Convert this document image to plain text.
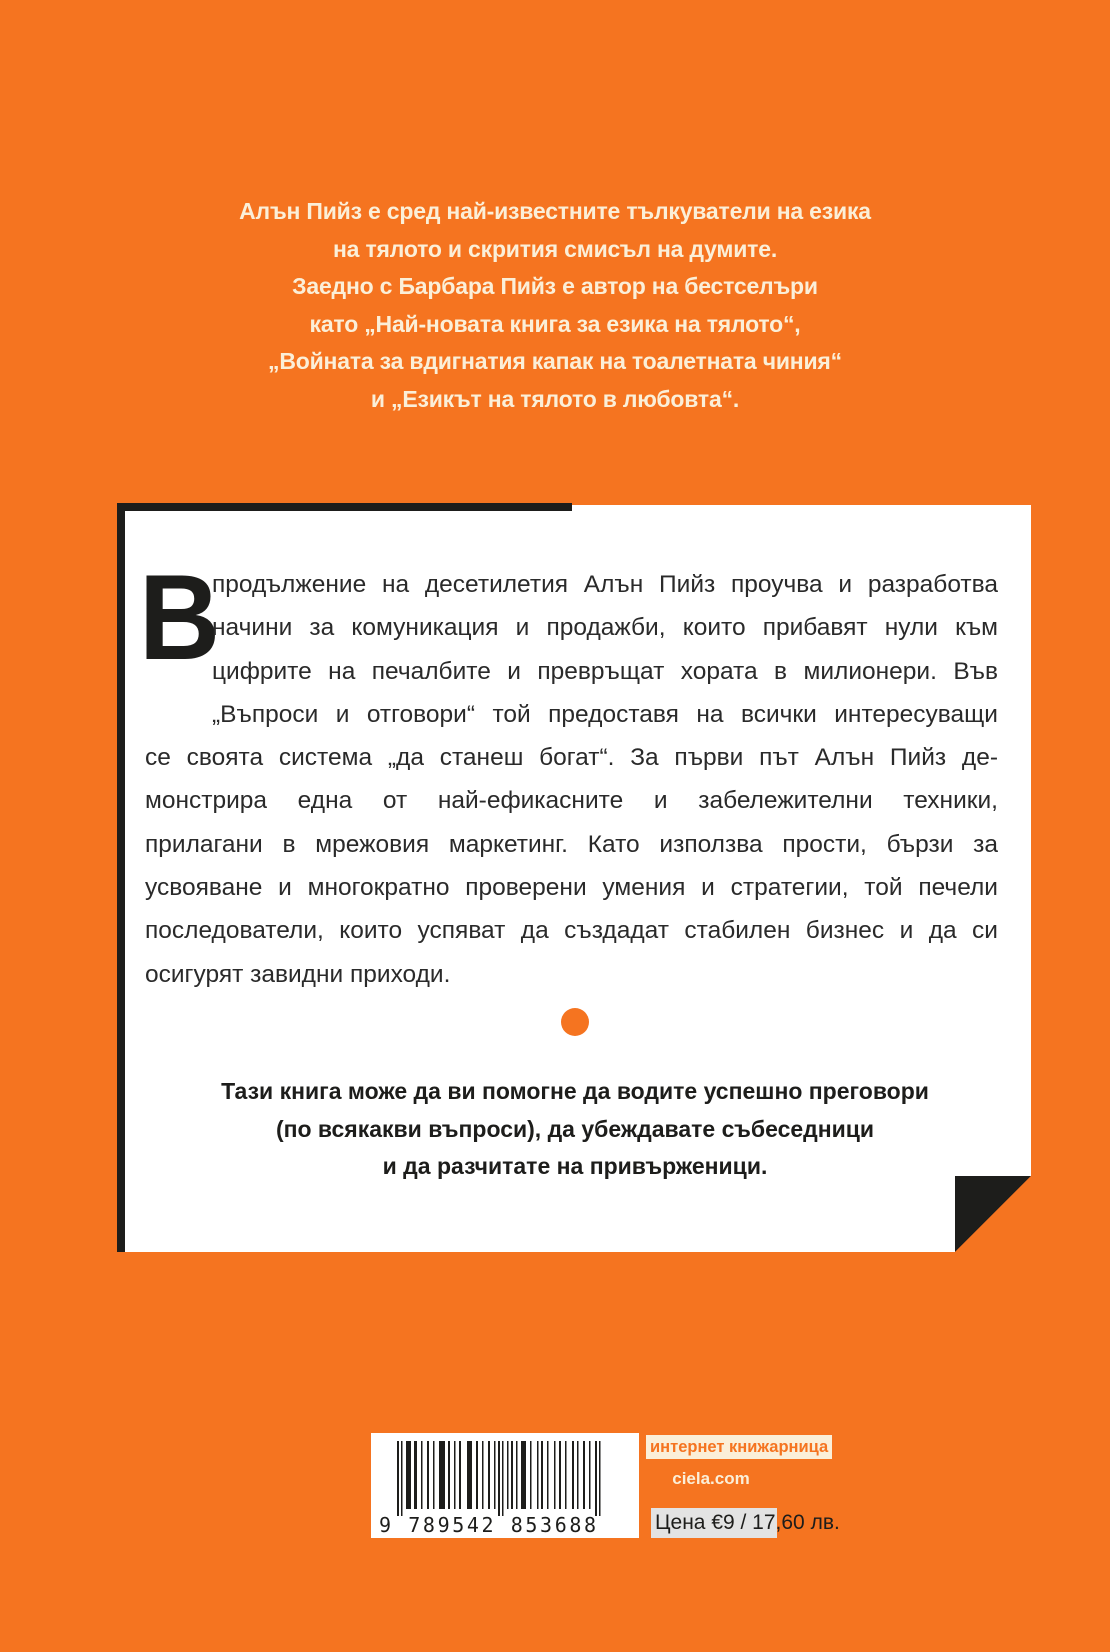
Алън Пийз е сред най-известните тълкуватели на езика
на тялото и скрития смисъл на думите.
Заедно с Барбара Пийз е автор на бестселъри
като „Най-новата книга за езика на тялото“,
„Войната за вдигнатия капак на тоалетната чиния“
и „Езикът на тялото в любовта“.
В
продължение на десетилетия Алън Пийз проучва и разработва
начини за комуникация и продажби, които прибавят нули към
цифрите на печалбите и превръщат хората в милионери. Във
„Въпроси и отговори“ той предоставя на всички интересуващи
се своята система „да станеш богат“. За първи път Алън Пийз де-
монстрира една от най-ефикасните и забележителни техники,
прилагани в мрежовия маркетинг. Като използва прости, бързи за
усвояване и многократно проверени умения и стратегии, той печели
последователи, които успяват да създадат стабилен бизнес и да си
осигурят завидни приходи.
Тази книга може да ви помогне да водите успешно преговори
(по всякакви въпроси), да убеждавате събеседници
и да разчитате на привърженици.
9 789542 853688
интернет книжарница
ciela.com
Цена €9 / 17,60 лв.
